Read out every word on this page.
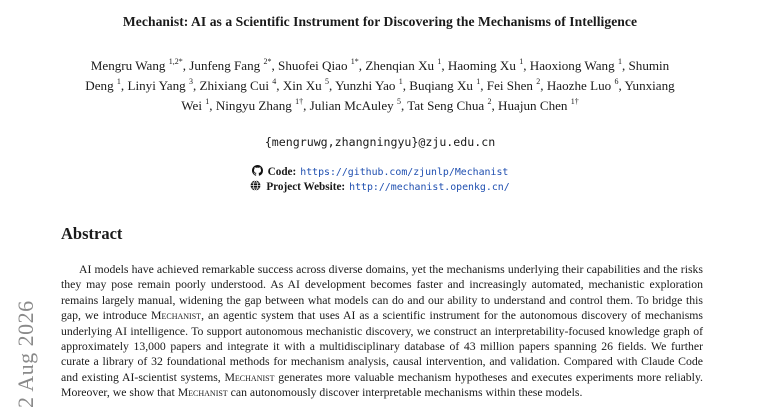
Mechanist: AI as a Scientific Instrument for Discovering the Mechanisms of Intelligence
Mengru Wang $^{1,2*}$, Junfeng Fang $^{2*}$, Shuofei Qiao $^{1*}$, Zhenqian Xu $^1$, Haoming Xu $^1$, Haoxiong Wang $^1$, Shumin Deng $^1$, Linyi Yang $^3$, Zhixiang Cui $^4$, Xin Xu $^5$, Yunzhi Yao $^1$, Buqiang Xu $^1$, Fei Shen $^2$, Haozhe Luo $^6$, Yunxiang Wei $^1$, Ningyu Zhang $^{1\dagger}$, Julian McAuley $^5$, Tat Seng Chua $^2$, Huajun Chen $^{1\dagger}$
{mengruwg,zhangningyu}@zju.edu.cn
Code: https://github.com/zjunlp/Mechanist
Project Website: http://mechanist.openkg.cn/
Abstract
AI models have achieved remarkable success across diverse domains, yet the mechanisms underlying their capabilities and the risks they may pose remain poorly understood. As AI development becomes faster and increasingly automated, mechanistic exploration remains largely manual, widening the gap between what models can do and our ability to understand and control them. To bridge this gap, we introduce Mechanist, an agentic system that uses AI as a scientific instrument for the autonomous discovery of mechanisms underlying AI intelligence. To support autonomous mechanistic discovery, we construct an interpretability-focused knowledge graph of approximately 13,000 papers and integrate it with a multidisciplinary database of 43 million papers spanning 26 fields. We further curate a library of 32 foundational methods for mechanism analysis, causal intervention, and validation. Compared with Claude Code and existing AI-scientist systems, Mechanist generates more valuable mechanism hypotheses and executes experiments more reliably. Moreover, we show that Mechanist can autonomously discover interpretable mechanisms within these models.
2 Aug 2026
